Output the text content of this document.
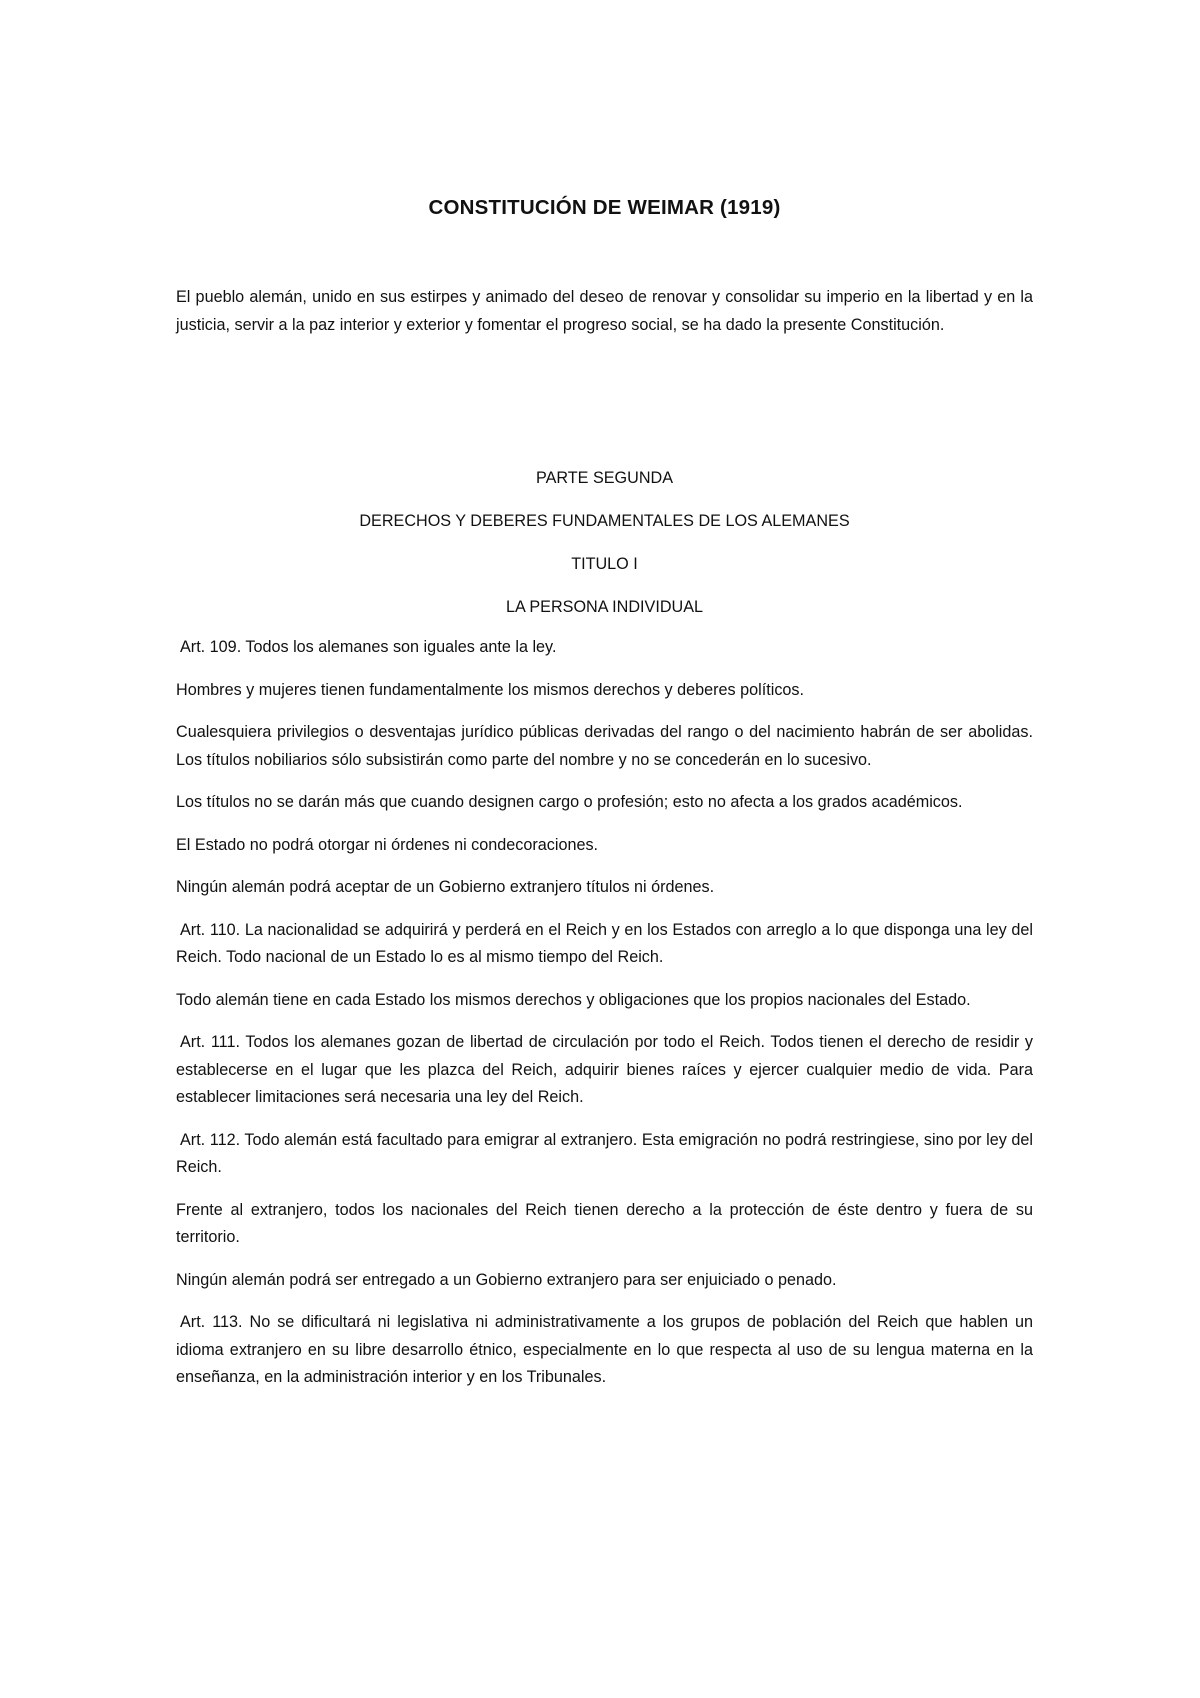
CONSTITUCIÓN DE WEIMAR (1919)

El pueblo alemán, unido en sus estirpes y animado del deseo de renovar y consolidar su imperio en la libertad y en la justicia, servir a la paz interior y exterior y fomentar el progreso social, se ha dado la presente Constitución.

PARTE SEGUNDA

DERECHOS Y DEBERES FUNDAMENTALES DE LOS ALEMANES

TITULO I

LA PERSONA INDIVIDUAL

Art. 109. Todos los alemanes son iguales ante la ley.

Hombres y mujeres tienen fundamentalmente los mismos derechos y deberes políticos.

Cualesquiera privilegios o desventajas jurídico públicas derivadas del rango o del nacimiento habrán de ser abolidas. Los títulos nobiliarios sólo subsistirán como parte del nombre y no se concederán en lo sucesivo.

Los títulos no se darán más que cuando designen cargo o profesión; esto no afecta a los grados académicos.

El Estado no podrá otorgar ni órdenes ni condecoraciones.

Ningún alemán podrá aceptar de un Gobierno extranjero títulos ni órdenes.

Art. 110. La nacionalidad se adquirirá y perderá en el Reich y en los Estados con arreglo a lo que disponga una ley del Reich. Todo nacional de un Estado lo es al mismo tiempo del Reich.

Todo alemán tiene en cada Estado los mismos derechos y obligaciones que los propios nacionales del Estado.

Art. 111. Todos los alemanes gozan de libertad de circulación por todo el Reich. Todos tienen el derecho de residir y establecerse en el lugar que les plazca del Reich, adquirir bienes raíces y ejercer cualquier medio de vida. Para establecer limitaciones será necesaria una ley del Reich.

Art. 112. Todo alemán está facultado para emigrar al extranjero. Esta emigración no podrá restringiese, sino por ley del Reich.

Frente al extranjero, todos los nacionales del Reich tienen derecho a la protección de éste dentro y fuera de su territorio.

Ningún alemán podrá ser entregado a un Gobierno extranjero para ser enjuiciado o penado.

Art. 113. No se dificultará ni legislativa ni administrativamente a los grupos de población del Reich que hablen un idioma extranjero en su libre desarrollo étnico, especialmente en lo que respecta al uso de su lengua materna en la enseñanza, en la administración interior y en los Tribunales.
